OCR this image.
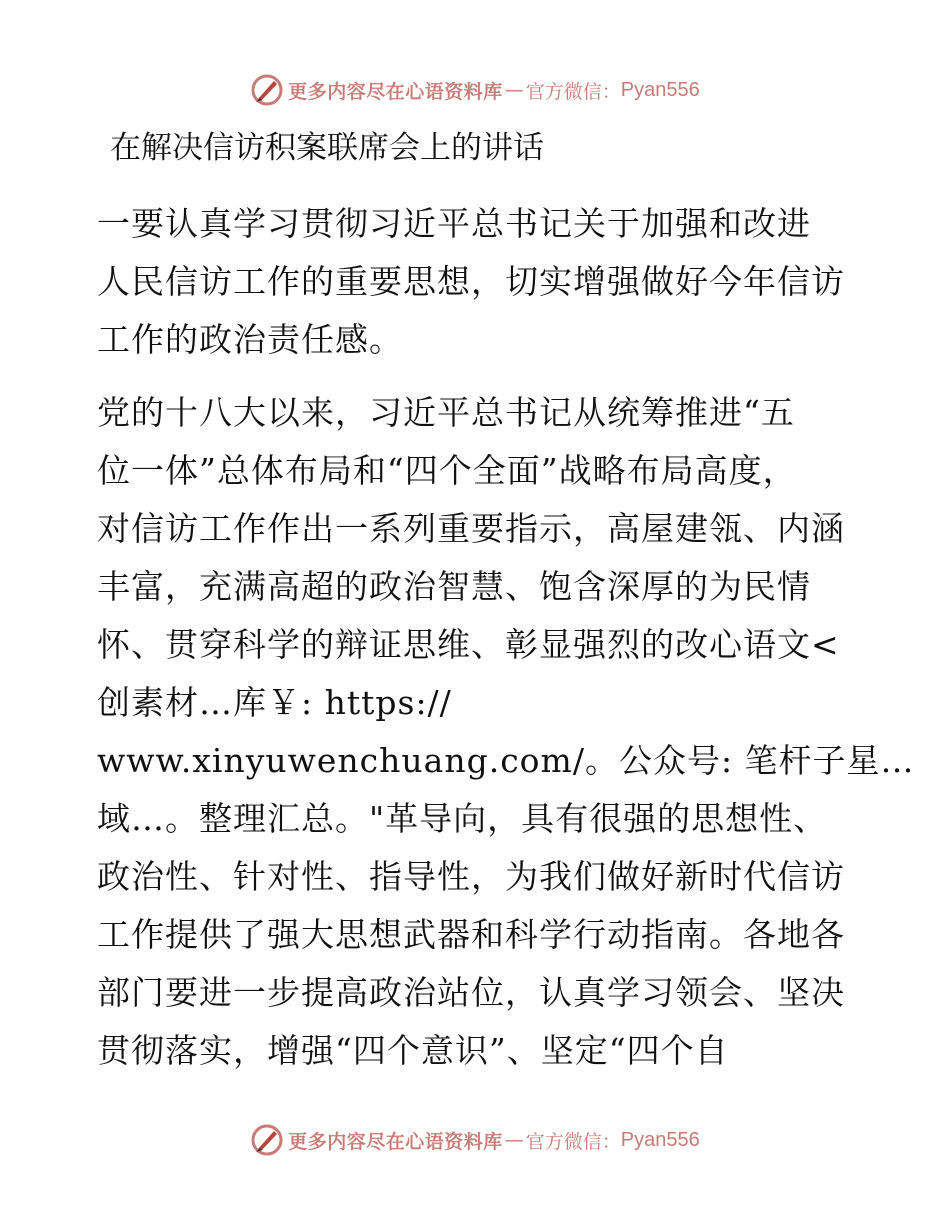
更多内容尽在心语资料库 — 官方微信： Pyan556
在解决信访积案联席会上的讲话

一要认真学习贯彻习近平总书记关于加强和改进
人民信访工作的重要思想，切实增强做好今年信访
工作的政治责任感。

党的十八大以来，习近平总书记从统筹推进“五
位一体”总体布局和“四个全面”战略布局高度，
对信访工作作出一系列重要指示，高屋建瓴、内涵
丰富，充满高超的政治智慧、饱含深厚的为民情
怀、贯穿科学的辩证思维、彰显强烈的改心语文<
创素材…库￥: https://
www.xinyuwenchuang.com/。公众号: 笔杆子星…
域…。整理汇总。"革导向，具有很强的思想性、
政治性、针对性、指导性，为我们做好新时代信访
工作提供了强大思想武器和科学行动指南。各地各
部门要进一步提高政治站位，认真学习领会、坚决
贯彻落实，增强“四个意识”、坚定“四个自

更多内容尽在心语资料库 — 官方微信： Pyan556
